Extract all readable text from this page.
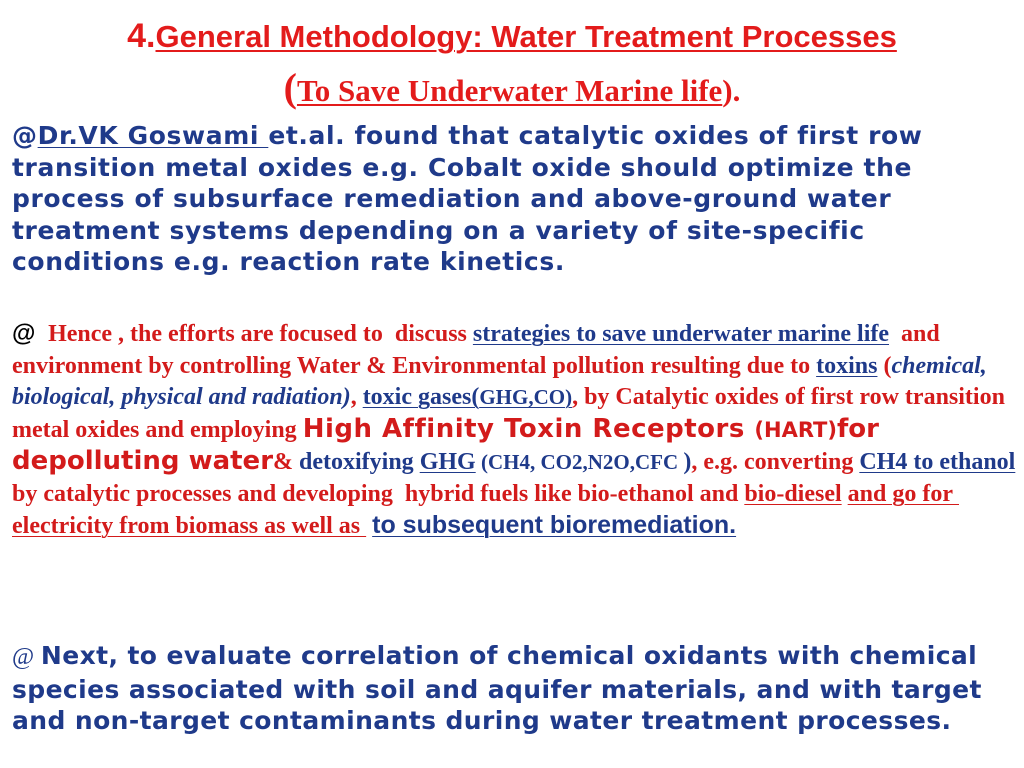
4.General Methodology: Water Treatment Processes
(To Save Underwater Marine life).

@Dr.VK Goswami et.al. found that catalytic oxides of first row transition metal oxides e.g. Cobalt oxide should optimize the process of subsurface remediation and above-ground water treatment systems depending on a variety of site-specific conditions e.g. reaction rate kinetics.

@  Hence , the efforts are focused to  discuss strategies to save underwater marine life  and environment by controlling Water & Environmental pollution resulting due to toxins (chemical, biological, physical and radiation), toxic gases(GHG,CO), by Catalytic oxides of first row transition metal oxides and employing High Affinity Toxin Receptors (HART)for depolluting water& detoxifying GHG (CH4, CO2,N2O,CFC ), e.g. converting CH4 to ethanol by catalytic processes and developing  hybrid fuels like bio-ethanol and bio-diesel and go for electricity from biomass as well as  to subsequent bioremediation.

@ Next, to evaluate correlation of chemical oxidants with chemical species associated with soil and aquifer materials, and with target and non-target contaminants during water treatment processes.
